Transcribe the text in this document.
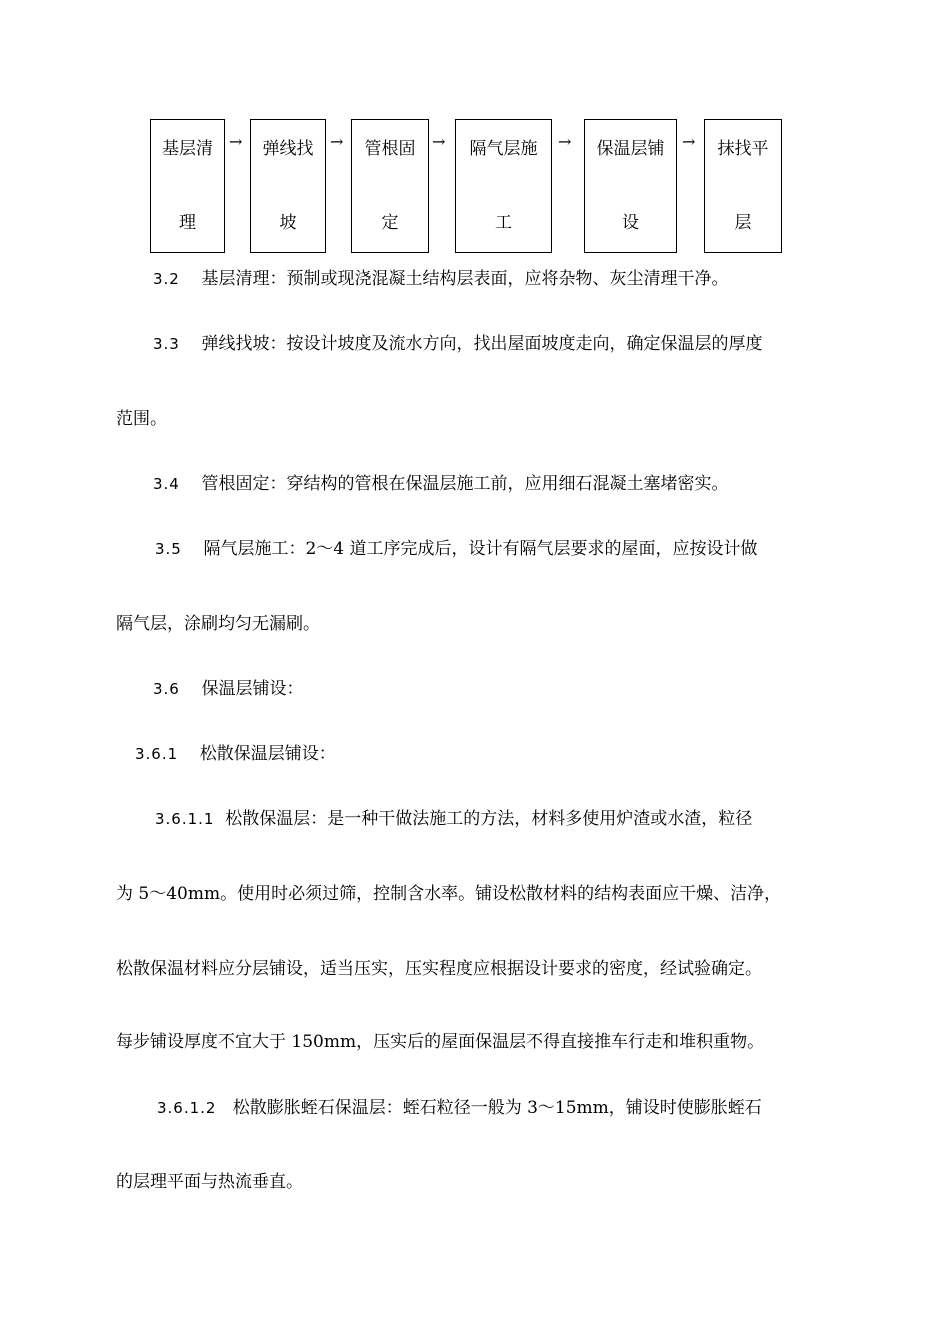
基层清
理
→	弹线找
坡
→	管根固
定
→	隔气层施
工
→	保温层铺
设
→	抹找平
层
3.2 基层清理：预制或现浇混凝土结构层表面，应将杂物、灰尘清理干净。
3.3 弹线找坡：按设计坡度及流水方向，找出屋面坡度走向，确定保温层的厚度
范围。
3.4 管根固定：穿结构的管根在保温层施工前，应用细石混凝土塞堵密实。
3.5 隔气层施工：2～4 道工序完成后，设计有隔气层要求的屋面，应按设计做
隔气层，涂刷均匀无漏刷。
3.6 保温层铺设：
3.6.1 松散保温层铺设：
3.6.1.1 松散保温层：是一种干做法施工的方法，材料多使用炉渣或水渣，粒径
为 5～40mm。使用时必须过筛，控制含水率。铺设松散材料的结构表面应干燥、洁净，
松散保温材料应分层铺设，适当压实，压实程度应根据设计要求的密度，经试验确定。
每步铺设厚度不宜大于 150mm，压实后的屋面保温层不得直接推车行走和堆积重物。
3.6.1.2 松散膨胀蛭石保温层：蛭石粒径一般为 3～15mm，铺设时使膨胀蛭石
的层理平面与热流垂直。
